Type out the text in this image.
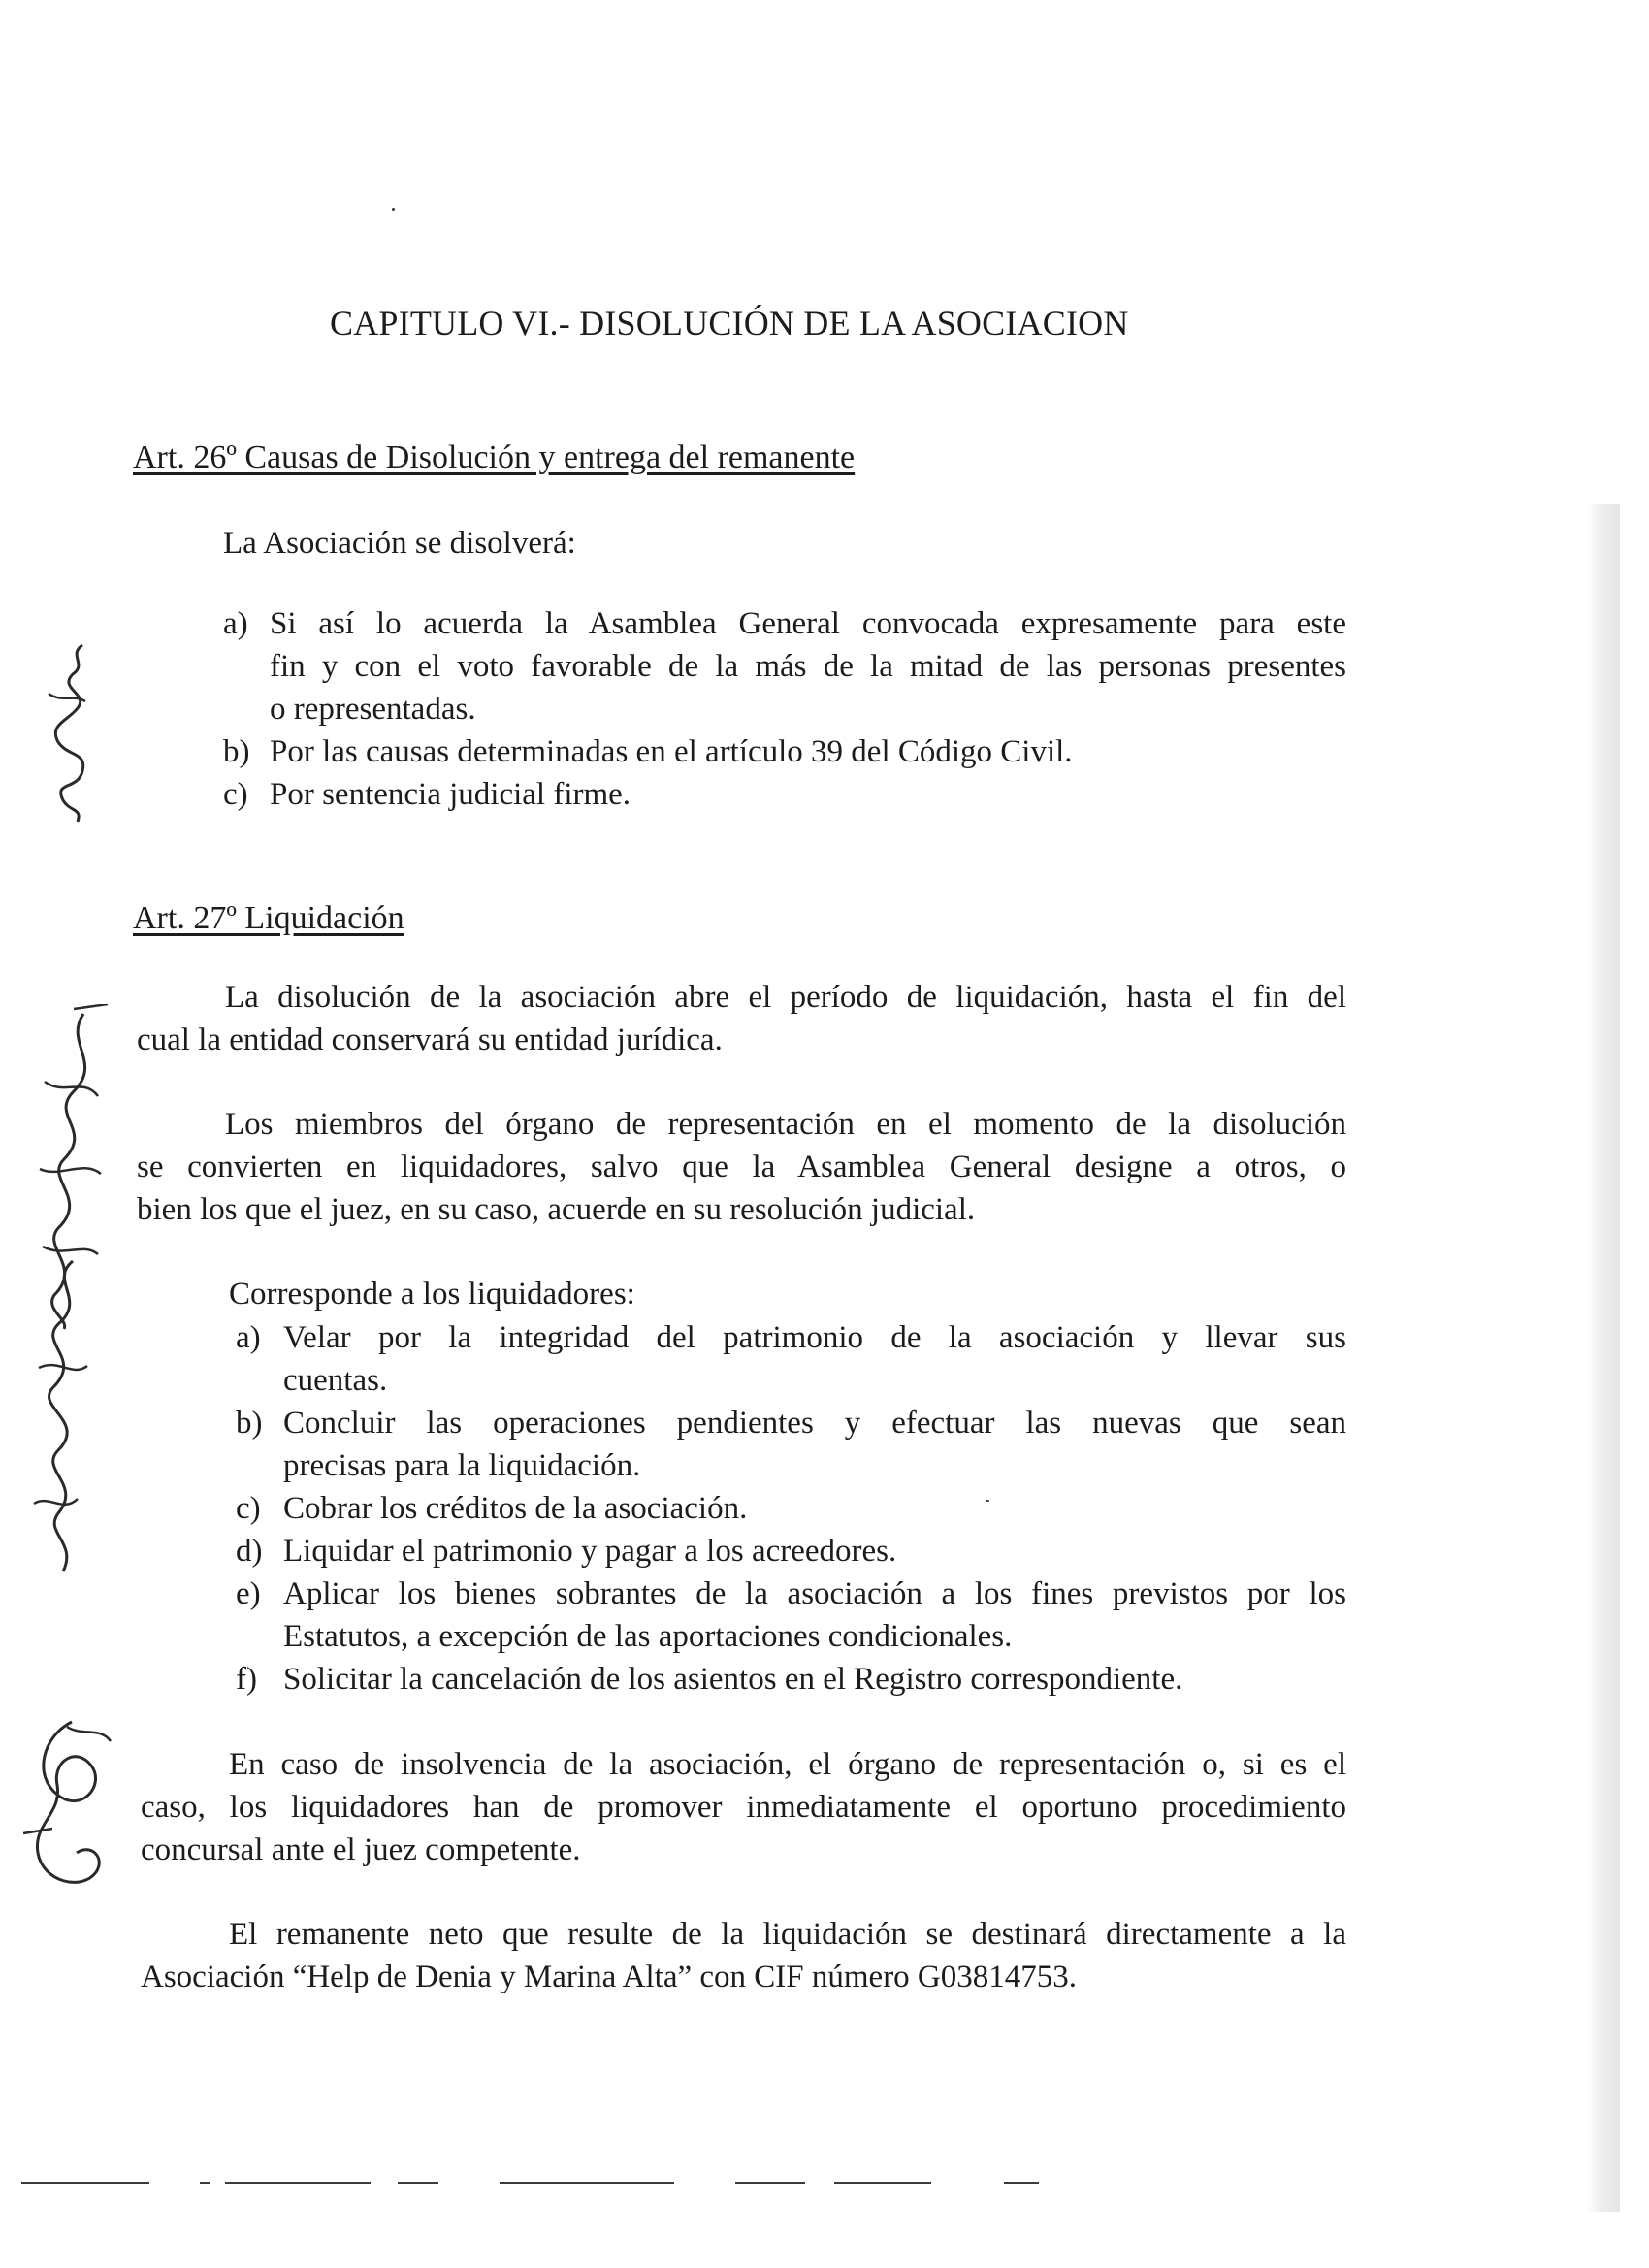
CAPITULO VI.- DISOLUCIÓN DE LA ASOCIACION
Art. 26º Causas de Disolución y entrega del remanente
La Asociación se disolverá:
a) Si así lo acuerda la Asamblea General convocada expresamente para este
fin y con el voto favorable de la más de la mitad de las personas presentes
o representadas.
b) Por las causas determinadas en el artículo 39 del Código Civil.
c) Por sentencia judicial firme.
Art. 27º Liquidación
La disolución de la asociación abre el período de liquidación, hasta el fin del
cual la entidad conservará su entidad jurídica.
Los miembros del órgano de representación en el momento de la disolución
se convierten en liquidadores, salvo que la Asamblea General designe a otros, o
bien los que el juez, en su caso, acuerde en su resolución judicial.
Corresponde a los liquidadores:
a) Velar por la integridad del patrimonio de la asociación y llevar sus
cuentas.
b) Concluir las operaciones pendientes y efectuar las nuevas que sean
precisas para la liquidación.
c) Cobrar los créditos de la asociación.
d) Liquidar el patrimonio y pagar a los acreedores.
e) Aplicar los bienes sobrantes de la asociación a los fines previstos por los
Estatutos, a excepción de las aportaciones condicionales.
f) Solicitar la cancelación de los asientos en el Registro correspondiente.
En caso de insolvencia de la asociación, el órgano de representación o, si es el
caso, los liquidadores han de promover inmediatamente el oportuno procedimiento
concursal ante el juez competente.
El remanente neto que resulte de la liquidación se destinará directamente a la
Asociación “Help de Denia y Marina Alta” con CIF número G03814753.
